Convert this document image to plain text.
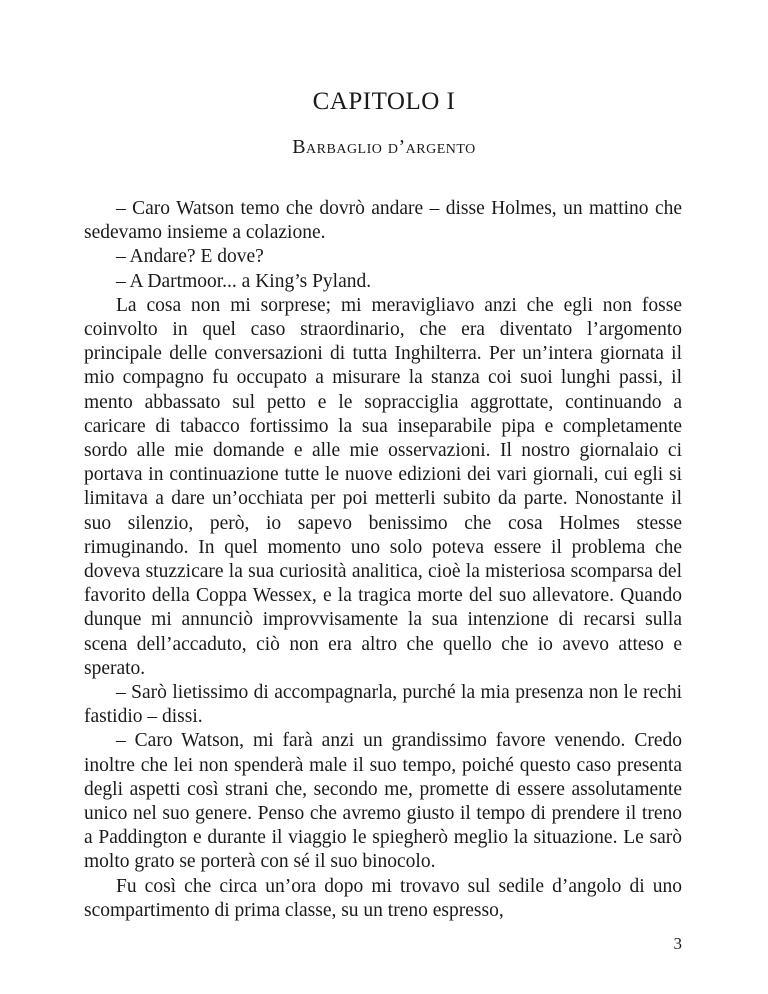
CAPITOLO I
Barbaglio d’argento

– Caro Watson temo che dovrò andare – disse Holmes, un mattino che sedevamo insieme a colazione.

– Andare? E dove?

– A Dartmoor... a King’s Pyland.

La cosa non mi sorprese; mi meravigliavo anzi che egli non fosse coinvolto in quel caso straordinario, che era diventato l’argomento principale delle conversazioni di tutta Inghilterra. Per un’intera giornata il mio compagno fu occupato a misurare la stanza coi suoi lunghi passi, il mento abbassato sul petto e le sopracciglia aggrottate, continuando a caricare di tabacco fortissimo la sua inseparabile pipa e completamente sordo alle mie domande e alle mie osservazioni. Il nostro giornalaio ci portava in continuazione tutte le nuove edizioni dei vari giornali, cui egli si limitava a dare un’occhiata per poi metterli subito da parte. Nonostante il suo silenzio, però, io sapevo benissimo che cosa Holmes stesse rimuginando. In quel momento uno solo poteva essere il problema che doveva stuzzicare la sua curiosità analitica, cioè la misteriosa scomparsa del favorito della Coppa Wessex, e la tragica morte del suo allevatore. Quando dunque mi annunciò improvvisamente la sua intenzione di recarsi sulla scena dell’accaduto, ciò non era altro che quello che io avevo atteso e sperato.

– Sarò lietissimo di accompagnarla, purché la mia presenza non le rechi fastidio – dissi.

– Caro Watson, mi farà anzi un grandissimo favore venendo. Credo inoltre che lei non spenderà male il suo tempo, poiché questo caso presenta degli aspetti così strani che, secondo me, promette di essere assolutamente unico nel suo genere. Penso che avremo giusto il tempo di prendere il treno a Paddington e durante il viaggio le spiegherò meglio la situazione. Le sarò molto grato se porterà con sé il suo binocolo.

Fu così che circa un’ora dopo mi trovavo sul sedile d’angolo di uno scompartimento di prima classe, su un treno espresso,

3
